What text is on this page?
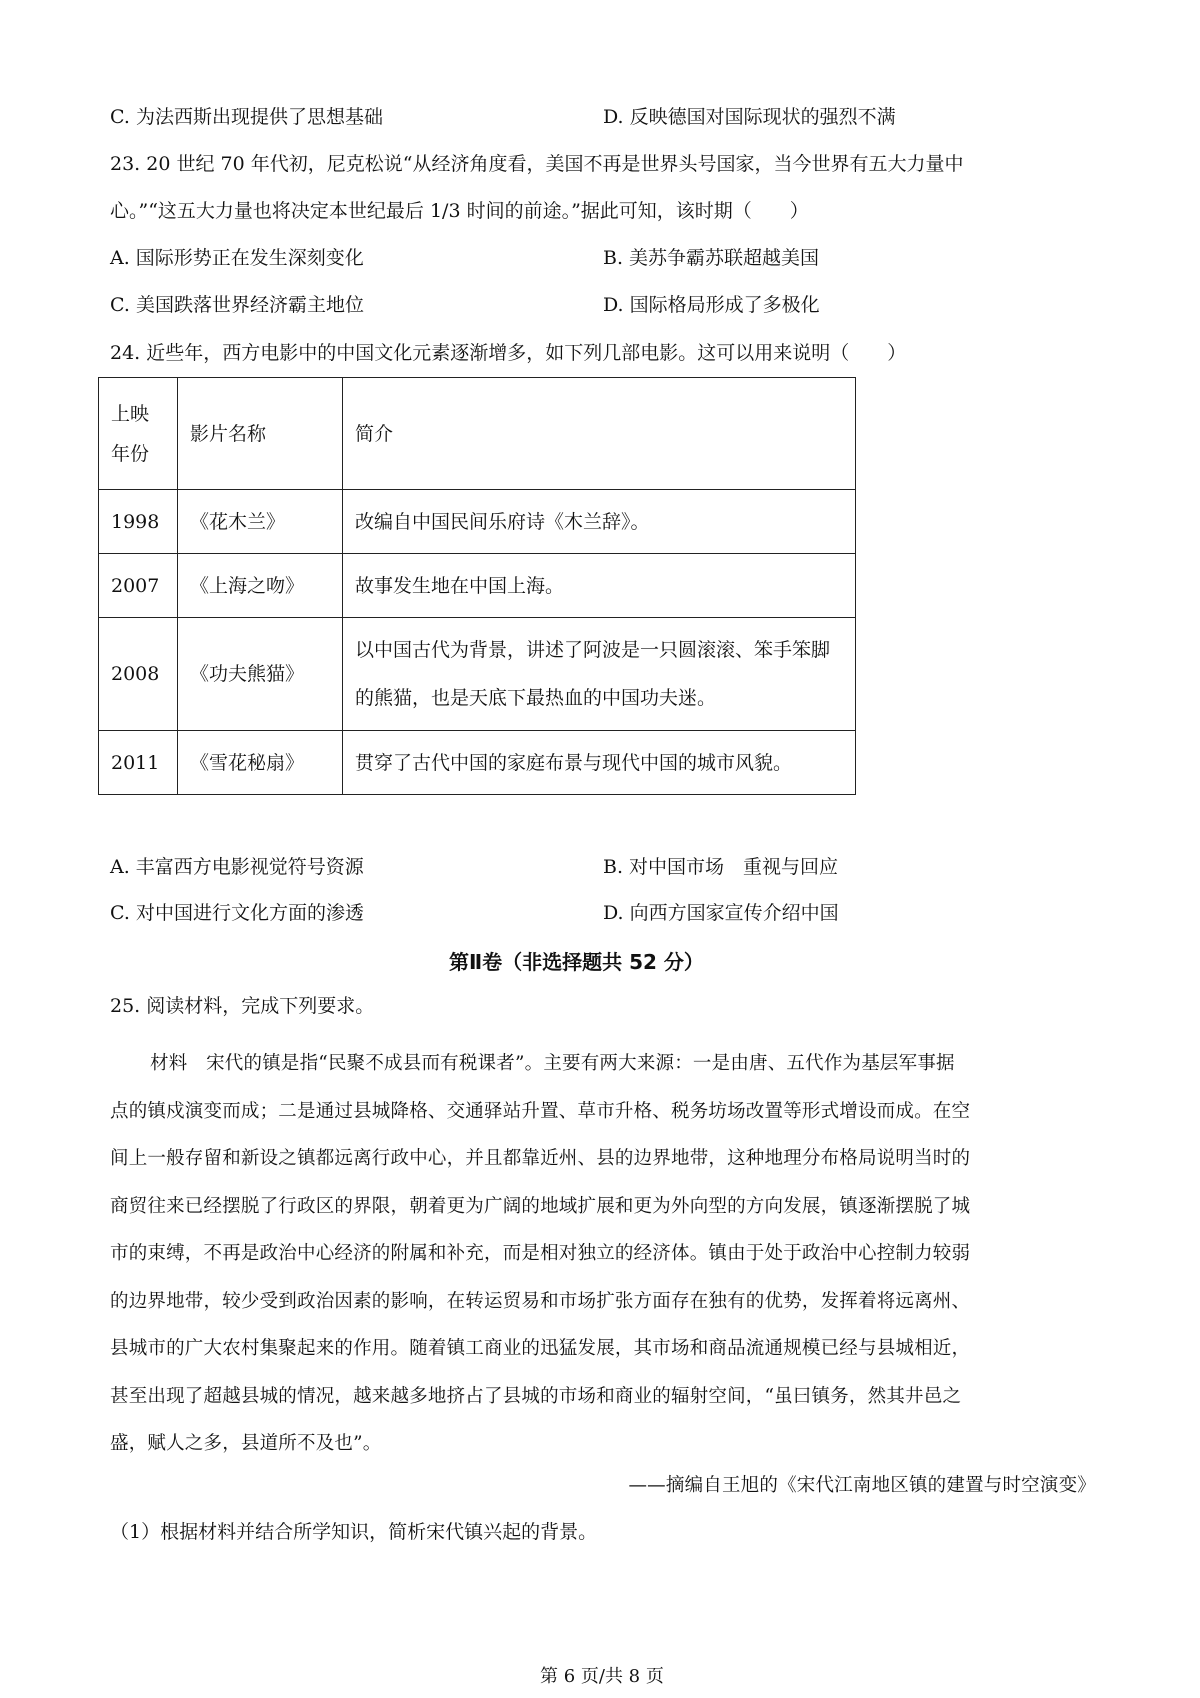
C. 为法西斯出现提供了思想基础	D. 反映德国对国际现状的强烈不满
23. 20 世纪 70 年代初，尼克松说“从经济角度看，美国不再是世界头号国家，当今世界有五大力量中
心。”“这五大力量也将决定本世纪最后 1/3 时间的前途。”据此可知，该时期（　　）
A. 国际形势正在发生深刻变化	B. 美苏争霸苏联超越美国
C. 美国跌落世界经济霸主地位	D. 国际格局形成了多极化
24. 近些年，西方电影中的中国文化元素逐渐增多，如下列几部电影。这可以用来说明（　　）
上映年份	影片名称	简介
1998	《花木兰》	改编自中国民间乐府诗《木兰辞》。
2007	《上海之吻》	故事发生地在中国上海。
2008	《功夫熊猫》	以中国古代为背景，讲述了阿波是一只圆滚滚、笨手笨脚的熊猫，也是天底下最热血的中国功夫迷。
2011	《雪花秘扇》	贯穿了古代中国的家庭布景与现代中国的城市风貌。
A. 丰富西方电影视觉符号资源	B. 对中国市场　重视与回应
C. 对中国进行文化方面的渗透	D. 向西方国家宣传介绍中国
第Ⅱ卷（非选择题共 52 分）
25. 阅读材料，完成下列要求。
材料　宋代的镇是指“民聚不成县而有税课者”。主要有两大来源：一是由唐、五代作为基层军事据
点的镇戍演变而成；二是通过县城降格、交通驿站升置、草市升格、税务坊场改置等形式增设而成。在空
间上一般存留和新设之镇都远离行政中心，并且都靠近州、县的边界地带，这种地理分布格局说明当时的
商贸往来已经摆脱了行政区的界限，朝着更为广阔的地域扩展和更为外向型的方向发展，镇逐渐摆脱了城
市的束缚，不再是政治中心经济的附属和补充，而是相对独立的经济体。镇由于处于政治中心控制力较弱
的边界地带，较少受到政治因素的影响，在转运贸易和市场扩张方面存在独有的优势，发挥着将远离州、
县城市的广大农村集聚起来的作用。随着镇工商业的迅猛发展，其市场和商品流通规模已经与县城相近，
甚至出现了超越县城的情况，越来越多地挤占了县城的市场和商业的辐射空间，“虽曰镇务，然其井邑之
盛，赋人之多，县道所不及也”。
——摘编自王旭的《宋代江南地区镇的建置与时空演变》
（1）根据材料并结合所学知识，简析宋代镇兴起的背景。
第 6 页/共 8 页
